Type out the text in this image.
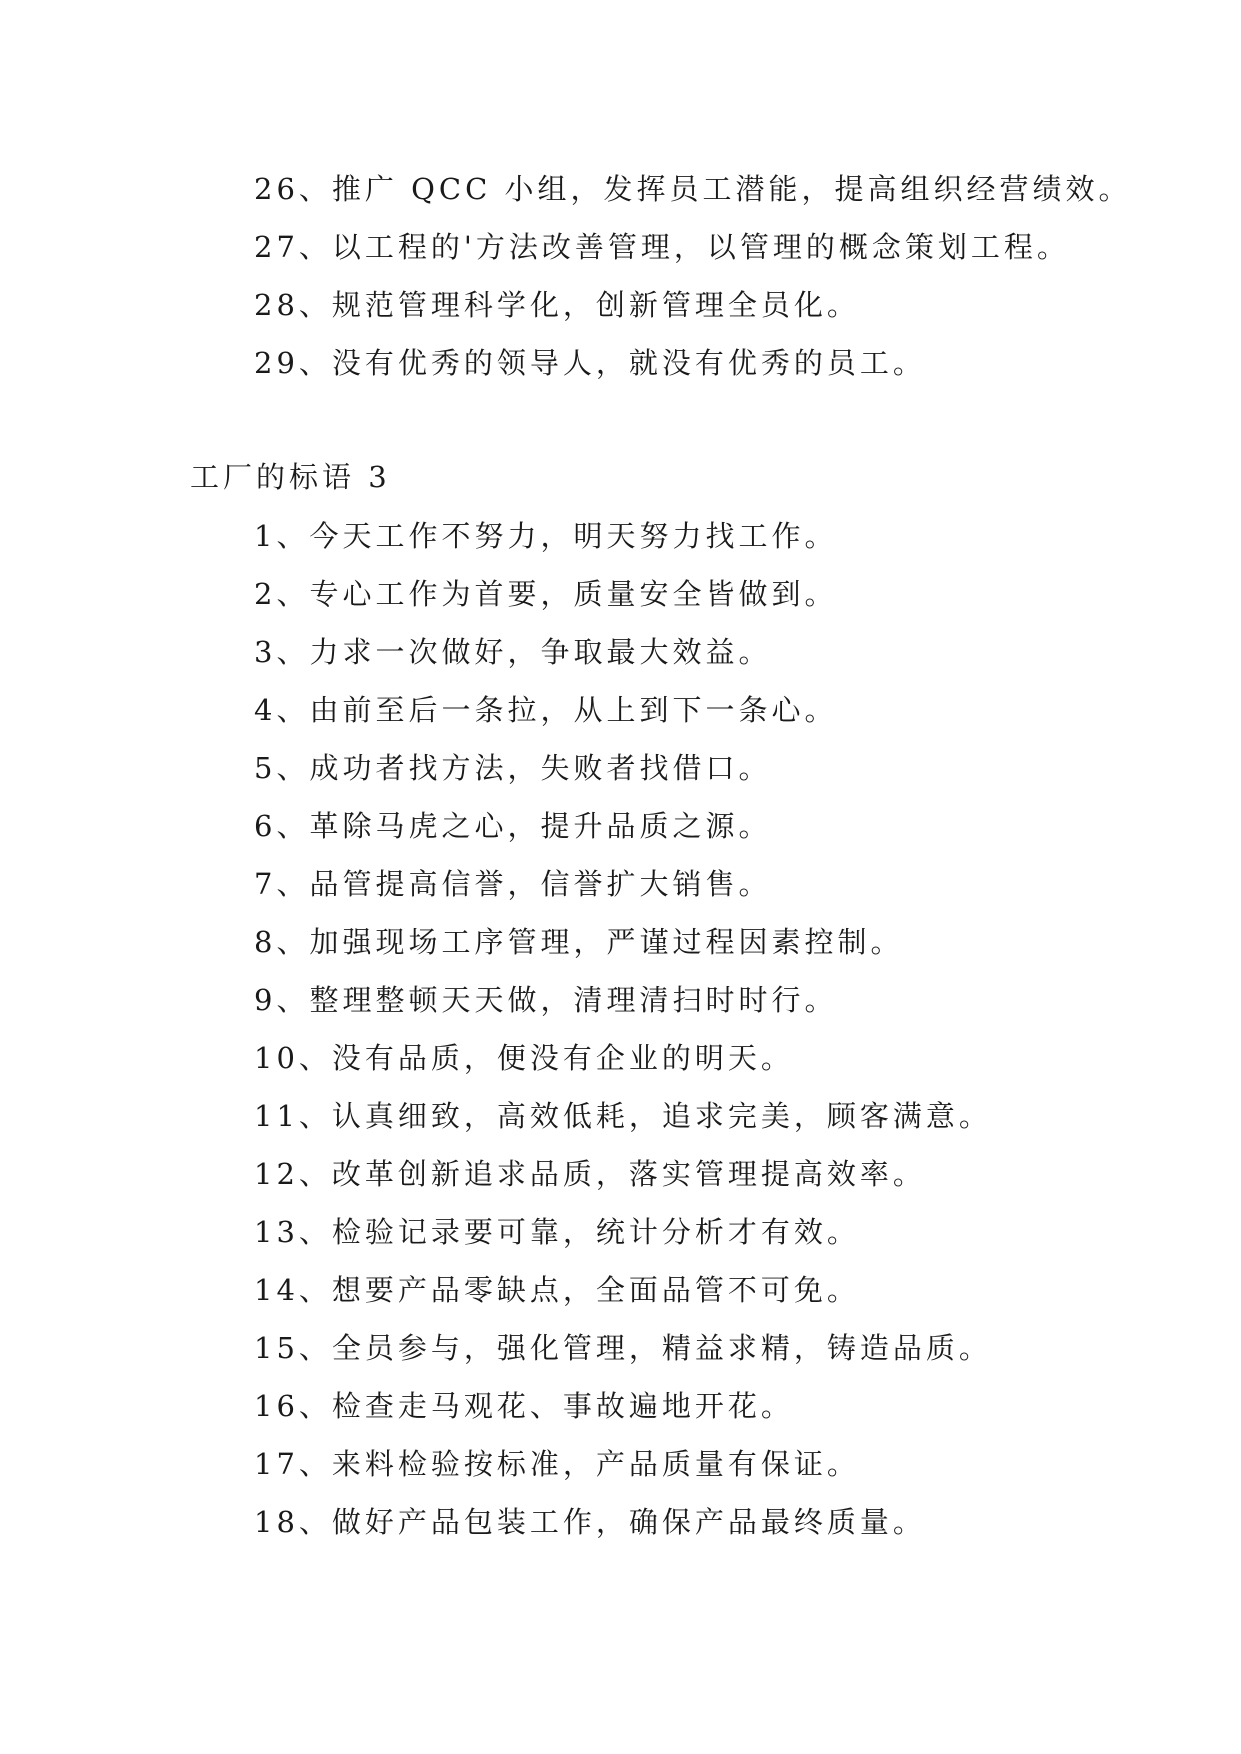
26、推广 QCC 小组，发挥员工潜能，提高组织经营绩效。
27、以工程的'方法改善管理，以管理的概念策划工程。
28、规范管理科学化，创新管理全员化。
29、没有优秀的领导人，就没有优秀的员工。
工厂的标语 3
1、今天工作不努力，明天努力找工作。
2、专心工作为首要，质量安全皆做到。
3、力求一次做好，争取最大效益。
4、由前至后一条拉，从上到下一条心。
5、成功者找方法，失败者找借口。
6、革除马虎之心，提升品质之源。
7、品管提高信誉，信誉扩大销售。
8、加强现场工序管理，严谨过程因素控制。
9、整理整顿天天做，清理清扫时时行。
10、没有品质，便没有企业的明天。
11、认真细致，高效低耗，追求完美，顾客满意。
12、改革创新追求品质，落实管理提高效率。
13、检验记录要可靠，统计分析才有效。
14、想要产品零缺点，全面品管不可免。
15、全员参与，强化管理，精益求精，铸造品质。
16、检查走马观花、事故遍地开花。
17、来料检验按标准，产品质量有保证。
18、做好产品包装工作，确保产品最终质量。
